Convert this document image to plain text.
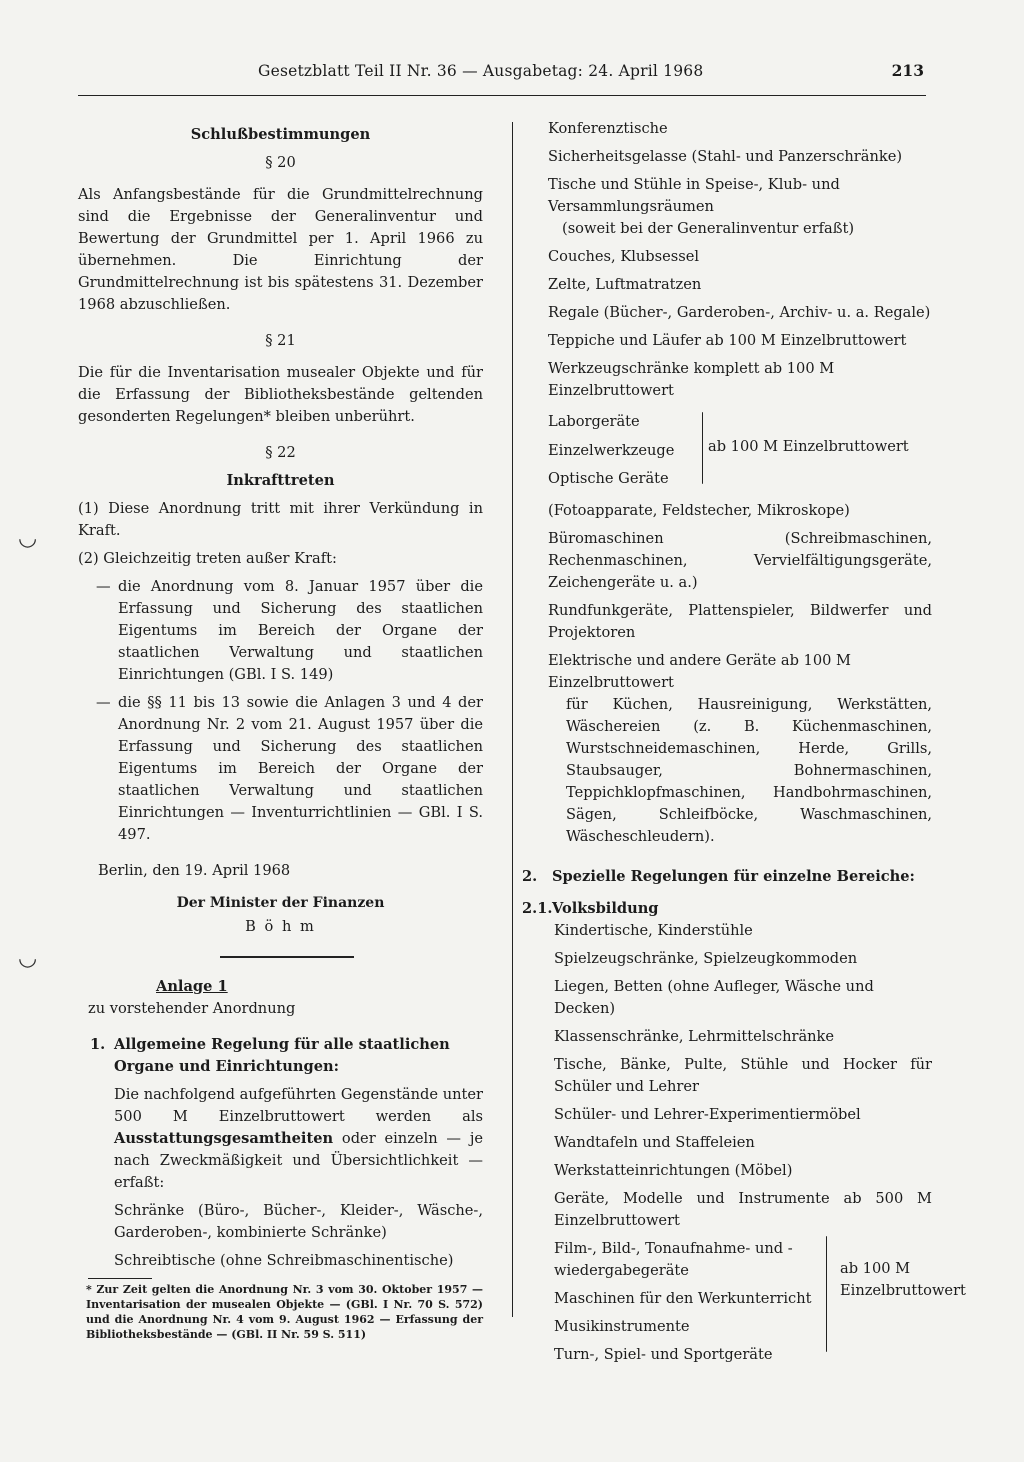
Gesetzblatt Teil II Nr. 36 — Ausgabetag: 24. April 1968	213
◡
◡
Schlußbestimmungen
§ 20

Als Anfangsbestände für die Grundmittelrechnung sind die Ergebnisse der Generalinventur und Bewertung der Grundmittel per 1. April 1966 zu übernehmen. Die Einrichtung der Grundmittelrechnung ist bis spätestens 31. Dezember 1968 abzuschließen.

§ 21

Die für die Inventarisation musealer Objekte und für die Erfassung der Bibliotheksbestände geltenden gesonderten Regelungen* bleiben unberührt.

§ 22
Inkrafttreten

(1) Diese Anordnung tritt mit ihrer Verkündung in Kraft.

(2) Gleichzeitig treten außer Kraft:

— die Anordnung vom 8. Januar 1957 über die Erfassung und Sicherung des staatlichen Eigentums im Bereich der Organe der staatlichen Verwaltung und staatlichen Einrichtungen (GBl. I S. 149)
— die §§ 11 bis 13 sowie die Anlagen 3 und 4 der Anordnung Nr. 2 vom 21. August 1957 über die Erfassung und Sicherung des staatlichen Eigentums im Bereich der Organe der staatlichen Verwaltung und staatlichen Einrichtungen — Inventurrichtlinien — GBl. I S. 497.
Berlin, den 19. April 1968
Der Minister der Finanzen
B ö h m
Anlage 1
zu vorstehender Anordnung
1. Allgemeine Regelung für alle staatlichen Organe und Einrichtungen:
Die nachfolgend aufgeführten Gegenstände unter 500 M Einzelbruttowert werden als Ausstattungsgesamtheiten oder einzeln — je nach Zweckmäßigkeit und Übersichtlichkeit — erfaßt:
Schränke (Büro-, Bücher-, Kleider-, Wäsche-, Garderoben-, kombinierte Schränke)
Schreibtische (ohne Schreibmaschinentische)
* Zur Zeit gelten die Anordnung Nr. 3 vom 30. Oktober 1957 — Inventarisation der musealen Objekte — (GBl. I Nr. 70 S. 572) und die Anordnung Nr. 4 vom 9. August 1962 — Erfassung der Bibliotheksbestände — (GBl. II Nr. 59 S. 511)
Konferenztische
Sicherheitsgelasse (Stahl- und Panzerschränke)
Tische und Stühle in Speise-, Klub- und Versammlungsräumen
(soweit bei der Generalinventur erfaßt)
Couches, Klubsessel
Zelte, Luftmatratzen
Regale (Bücher-, Garderoben-, Archiv- u. a. Regale)
Teppiche und Läufer ab 100 M Einzelbruttowert
Werkzeugschränke komplett ab 100 M Einzelbruttowert
Laborgeräte
Einzelwerkzeuge
Optische Geräte
ab 100 M Einzelbruttowert
(Fotoapparate, Feldstecher, Mikroskope)
Büromaschinen (Schreibmaschinen, Rechenmaschinen, Vervielfältigungsgeräte, Zeichengeräte u. a.)
Rundfunkgeräte, Plattenspieler, Bildwerfer und Projektoren
Elektrische und andere Geräte ab 100 M Einzelbruttowert
für Küchen, Hausreinigung, Werkstätten, Wäschereien (z. B. Küchenmaschinen, Wurstschneidemaschinen, Herde, Grills, Staubsauger, Bohnermaschinen, Teppichklopfmaschinen, Handbohrmaschinen, Sägen, Schleifböcke, Waschmaschinen, Wäscheschleudern).
2. Spezielle Regelungen für einzelne Bereiche:
2.1. Volksbildung
Kindertische, Kinderstühle
Spielzeugschränke, Spielzeugkommoden
Liegen, Betten (ohne Aufleger, Wäsche und Decken)
Klassenschränke, Lehrmittelschränke
Tische, Bänke, Pulte, Stühle und Hocker für Schüler und Lehrer
Schüler- und Lehrer-Experimentiermöbel
Wandtafeln und Staffeleien
Werkstatteinrichtungen (Möbel)
Geräte, Modelle und Instrumente ab 500 M Einzelbruttowert
Film-, Bild-, Tonaufnahme- und -wiedergabegeräte
Maschinen für den Werkunterricht
Musikinstrumente
Turn-, Spiel- und Sportgeräte
ab 100 M Einzelbruttowert
